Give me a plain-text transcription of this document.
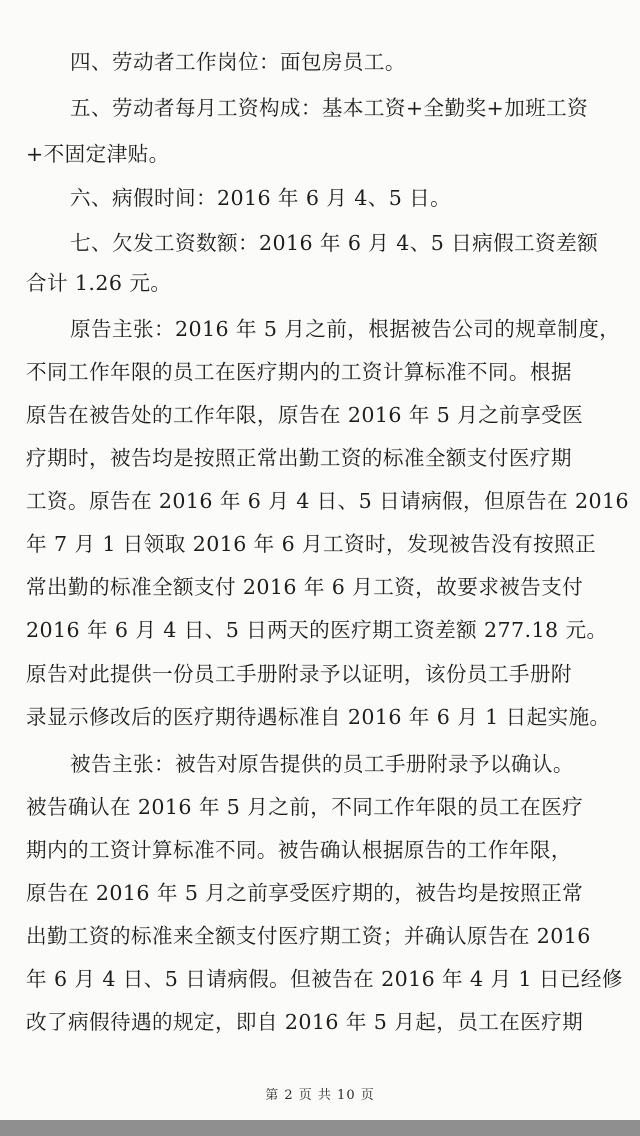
四、劳动者工作岗位：面包房员工。
五、劳动者每月工资构成：基本工资+全勤奖+加班工资
+不固定津贴。
六、病假时间：2016 年 6 月 4、5 日。
七、欠发工资数额：2016 年 6 月 4、5 日病假工资差额
合计 1.26 元。
原告主张：2016 年 5 月之前，根据被告公司的规章制度，
不同工作年限的员工在医疗期内的工资计算标准不同。根据
原告在被告处的工作年限，原告在 2016 年 5 月之前享受医
疗期时，被告均是按照正常出勤工资的标准全额支付医疗期
工资。原告在 2016 年 6 月 4 日、5 日请病假，但原告在 2016
年 7 月 1 日领取 2016 年 6 月工资时，发现被告没有按照正
常出勤的标准全额支付 2016 年 6 月工资，故要求被告支付
2016 年 6 月 4 日、5 日两天的医疗期工资差额 277.18 元。
原告对此提供一份员工手册附录予以证明，该份员工手册附
录显示修改后的医疗期待遇标准自 2016 年 6 月 1 日起实施。
被告主张：被告对原告提供的员工手册附录予以确认。
被告确认在 2016 年 5 月之前，不同工作年限的员工在医疗
期内的工资计算标准不同。被告确认根据原告的工作年限，
原告在 2016 年 5 月之前享受医疗期的，被告均是按照正常
出勤工资的标准来全额支付医疗期工资；并确认原告在 2016
年 6 月 4 日、5 日请病假。但被告在 2016 年 4 月 1 日已经修
改了病假待遇的规定，即自 2016 年 5 月起，员工在医疗期
第 2 页 共 10 页
